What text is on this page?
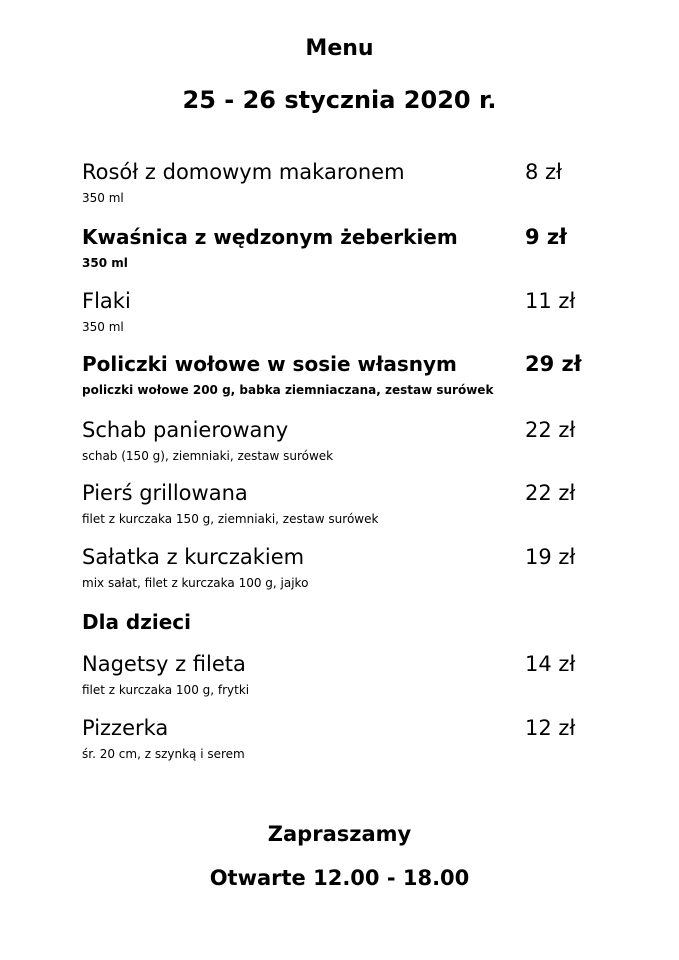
Menu
25 - 26 stycznia 2020 r.
Rosół z domowym makaronem	8 zł
350 ml
Kwaśnica z wędzonym żeberkiem	9 zł
350 ml
Flaki	11 zł
350 ml
Policzki wołowe w sosie własnym	29 zł
policzki wołowe 200 g, babka ziemniaczana, zestaw surówek
Schab panierowany	22 zł
schab (150 g), ziemniaki, zestaw surówek
Pierś grillowana	22 zł
filet z kurczaka 150 g, ziemniaki, zestaw surówek
Sałatka z kurczakiem	19 zł
mix sałat, filet z kurczaka 100 g, jajko
Dla dzieci
Nagetsy z fileta	14 zł
filet z kurczaka 100 g, frytki
Pizzerka	12 zł
śr. 20 cm, z szynką i serem
Zapraszamy
Otwarte 12.00 - 18.00
